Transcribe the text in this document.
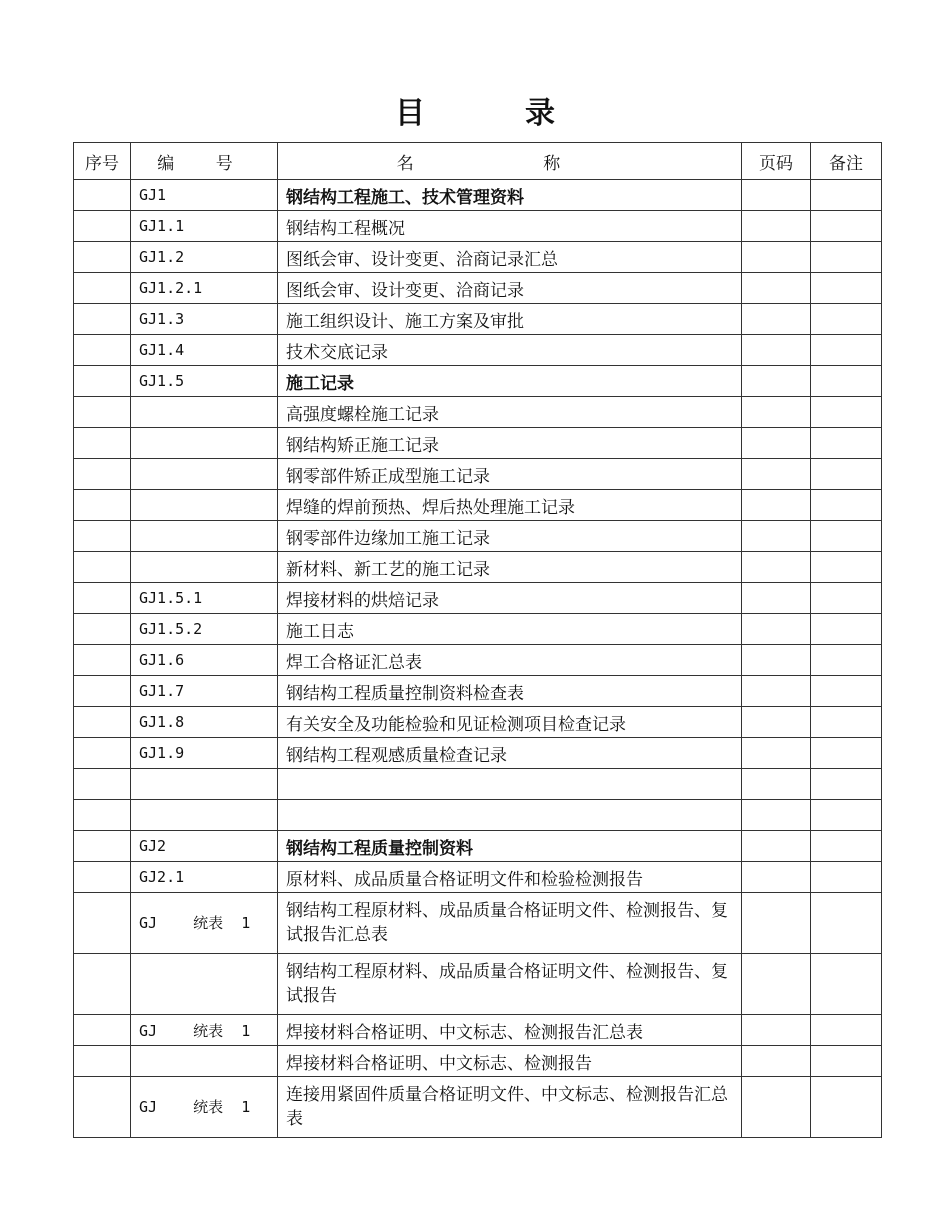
目	录
序号	编 号	名 称	页码	备注
	GJ1	钢结构工程施工、技术管理资料		
	GJ1.1	钢结构工程概况		
	GJ1.2	图纸会审、设计变更、洽商记录汇总		
	GJ1.2.1	图纸会审、设计变更、洽商记录		
	GJ1.3	施工组织设计、施工方案及审批		
	GJ1.4	技术交底记录		
	GJ1.5	施工记录		
		高强度螺栓施工记录		
		钢结构矫正施工记录		
		钢零部件矫正成型施工记录		
		焊缝的焊前预热、焊后热处理施工记录		
		钢零部件边缘加工施工记录		
		新材料、新工艺的施工记录		
	GJ1.5.1	焊接材料的烘焙记录		
	GJ1.5.2	施工日志		
	GJ1.6	焊工合格证汇总表		
	GJ1.7	钢结构工程质量控制资料检查表		
	GJ1.8	有关安全及功能检验和见证检测项目检查记录		
	GJ1.9	钢结构工程观感质量检查记录		

	GJ2	钢结构工程质量控制资料		
	GJ2.1	原材料、成品质量合格证明文件和检验检测报告		
	GJ    统表  1	钢结构工程原材料、成品质量合格证明文件、检测报告、复试报告汇总表		
		钢结构工程原材料、成品质量合格证明文件、检测报告、复试报告		
	GJ    统表  1	焊接材料合格证明、中文标志、检测报告汇总表		
		焊接材料合格证明、中文标志、检测报告		
	GJ    统表  1	连接用紧固件质量合格证明文件、中文标志、检测报告汇总表		
